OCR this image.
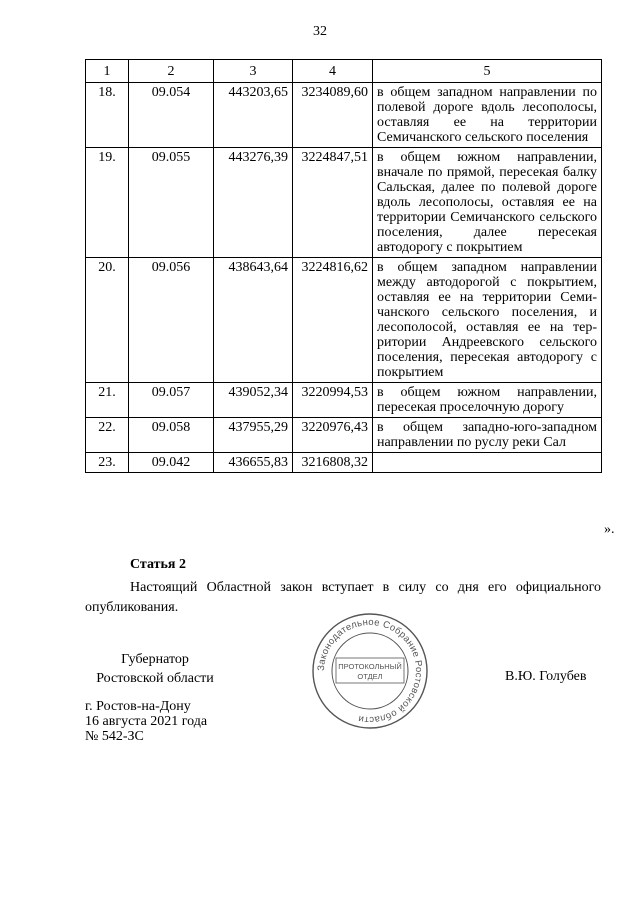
32
1	2	3	4	5
18.	09.054	443203,65	3234089,60	в общем западном направлении по полевой дороге вдоль лесополосы, оставляя ее на территории Семичанского сельского поселения
19.	09.055	443276,39	3224847,51	в общем южном направлении, вначале по прямой, пересекая балку Сальская, далее по полевой дороге вдоль лесополосы, оставляя ее на территории Семичанского сельского поселения, далее пересекая автодорогу с покрытием
20.	09.056	438643,64	3224816,62	в общем западном направлении между автодорогой с покрытием, оставляя ее на территории Семичанского сельского поселения, и лесополосой, оставляя ее на территории Андреевского сельского поселения, пересекая автодорогу с покрытием
21.	09.057	439052,34	3220994,53	в общем южном направлении, пересекая проселочную дорогу
22.	09.058	437955,29	3220976,43	в общем западно-юго-западном направлении по руслу реки Сал
23.	09.042	436655,83	3216808,32	
».
Статья 2
Настоящий Областной закон вступает в силу со дня его официального опубликования.
Губернатор
Ростовской области	В.Ю. Голубев
Законодательное Собрание Ростовской области
ПРОТОКОЛЬНЫЙ
ОТДЕЛ
г. Ростов-на-Дону
16 августа 2021 года
№ 542-ЗС
